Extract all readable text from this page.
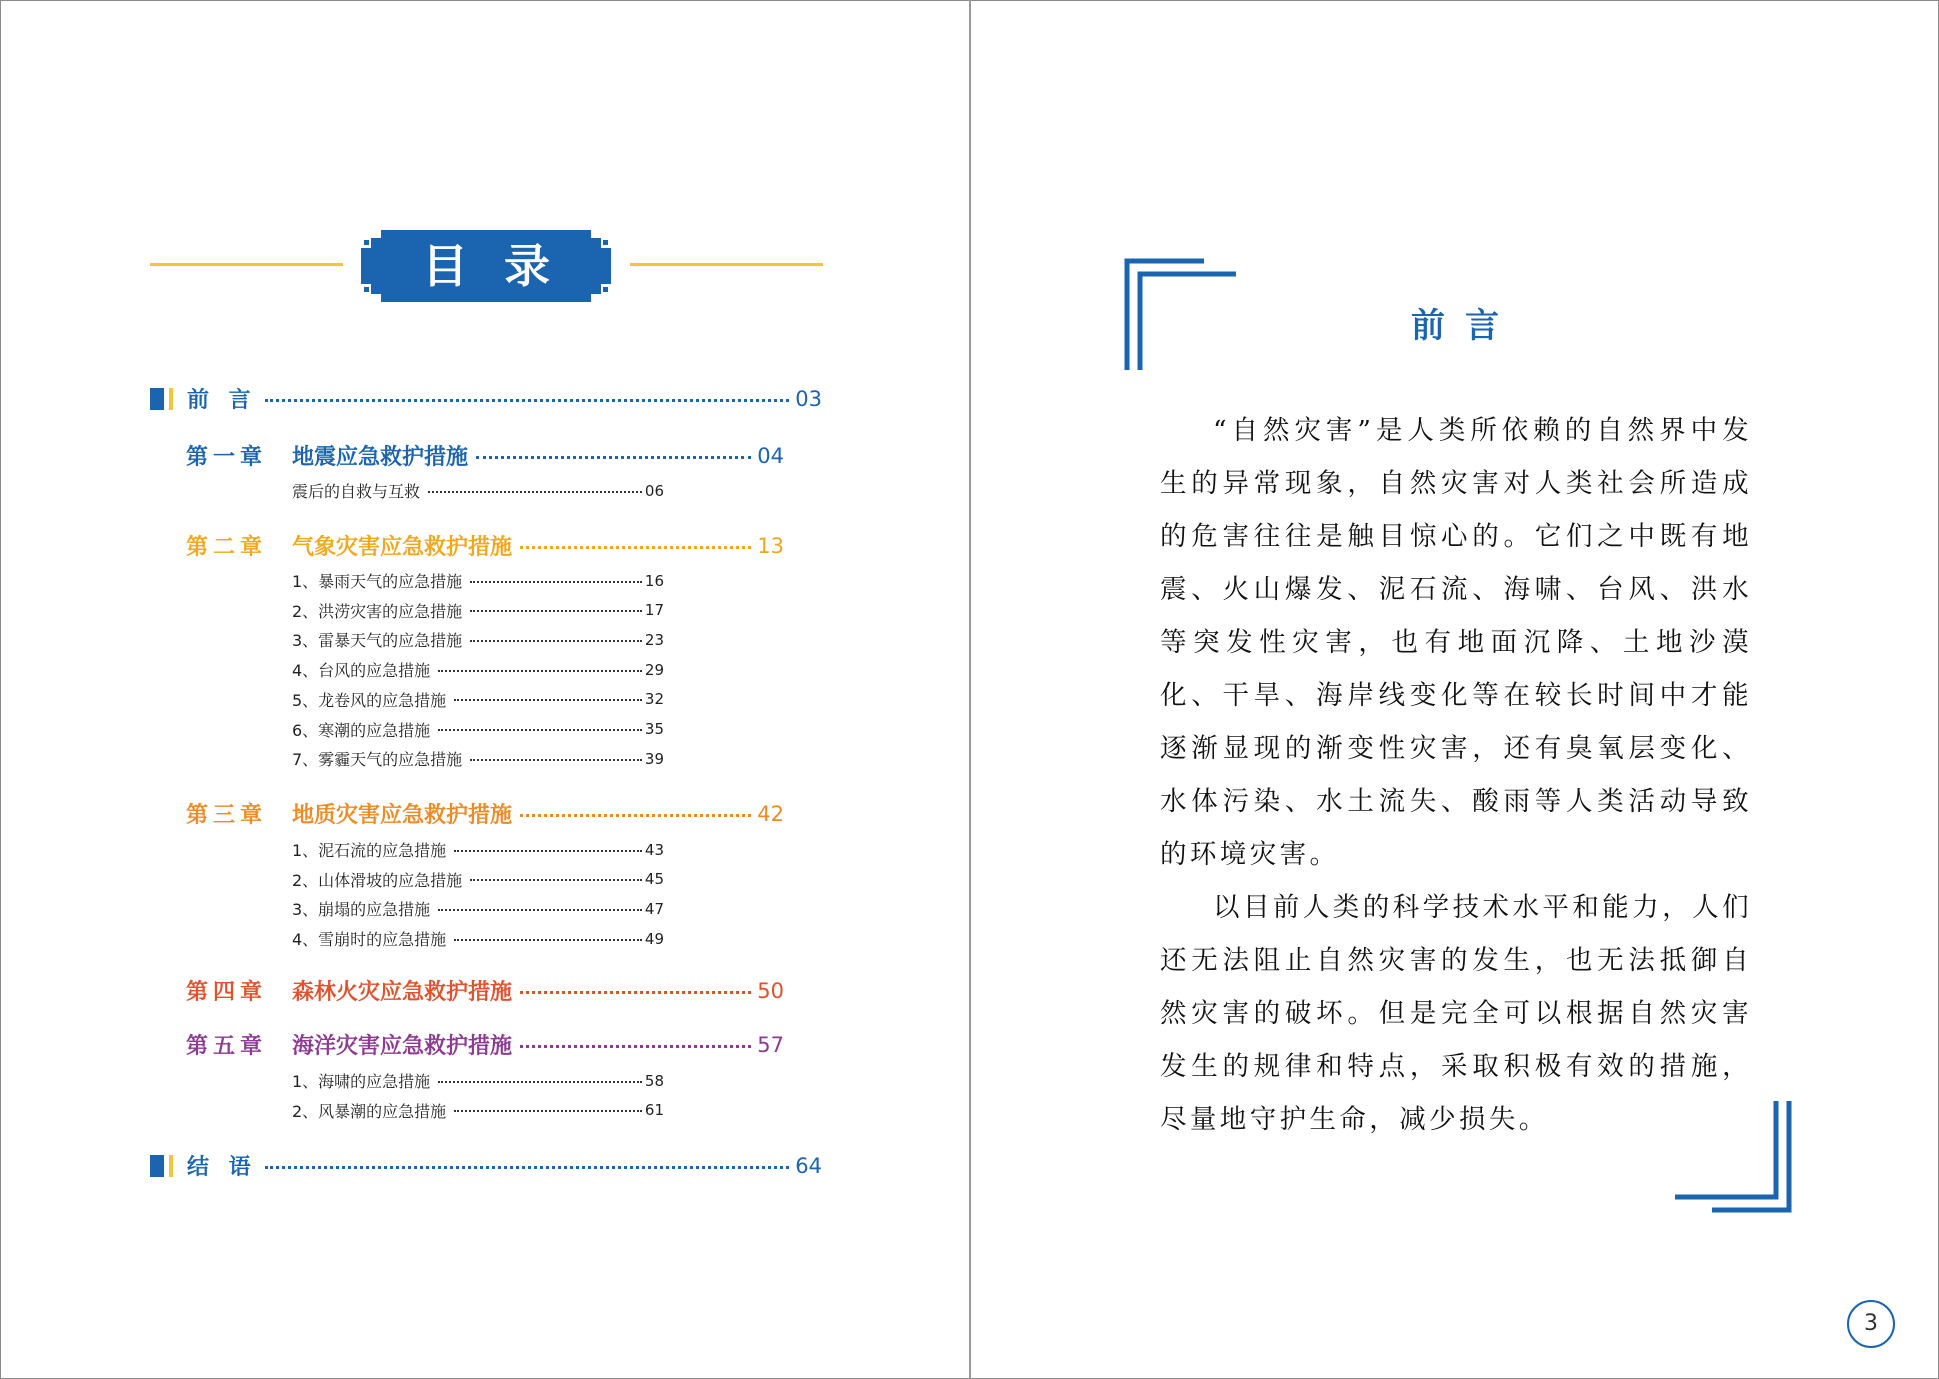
目录
前 言	03
第一章	地震应急救护措施	04
震后的自救与互救	06
第二章	气象灾害应急救护措施	13
1、暴雨天气的应急措施	16
2、洪涝灾害的应急措施	17
3、雷暴天气的应急措施	23
4、台风的应急措施	29
5、龙卷风的应急措施	32
6、寒潮的应急措施	35
7、雾霾天气的应急措施	39
第三章	地质灾害应急救护措施	42
1、泥石流的应急措施	43
2、山体滑坡的应急措施	45
3、崩塌的应急措施	47
4、雪崩时的应急措施	49
第四章	森林火灾应急救护措施	50
第五章	海洋灾害应急救护措施	57
1、海啸的应急措施	58
2、风暴潮的应急措施	61
结 语	64
前言

“自然灾害”是人类所依赖的自然界中发生的异常现象，自然灾害对人类社会所造成的危害往往是触目惊心的。它们之中既有地震、火山爆发、泥石流、海啸、台风、洪水等突发性灾害，也有地面沉降、土地沙漠化、干旱、海岸线变化等在较长时间中才能逐渐显现的渐变性灾害，还有臭氧层变化、水体污染、水土流失、酸雨等人类活动导致的环境灾害。

以目前人类的科学技术水平和能力，人们还无法阻止自然灾害的发生，也无法抵御自然灾害的破坏。但是完全可以根据自然灾害发生的规律和特点，采取积极有效的措施，尽量地守护生命，减少损失。

3
